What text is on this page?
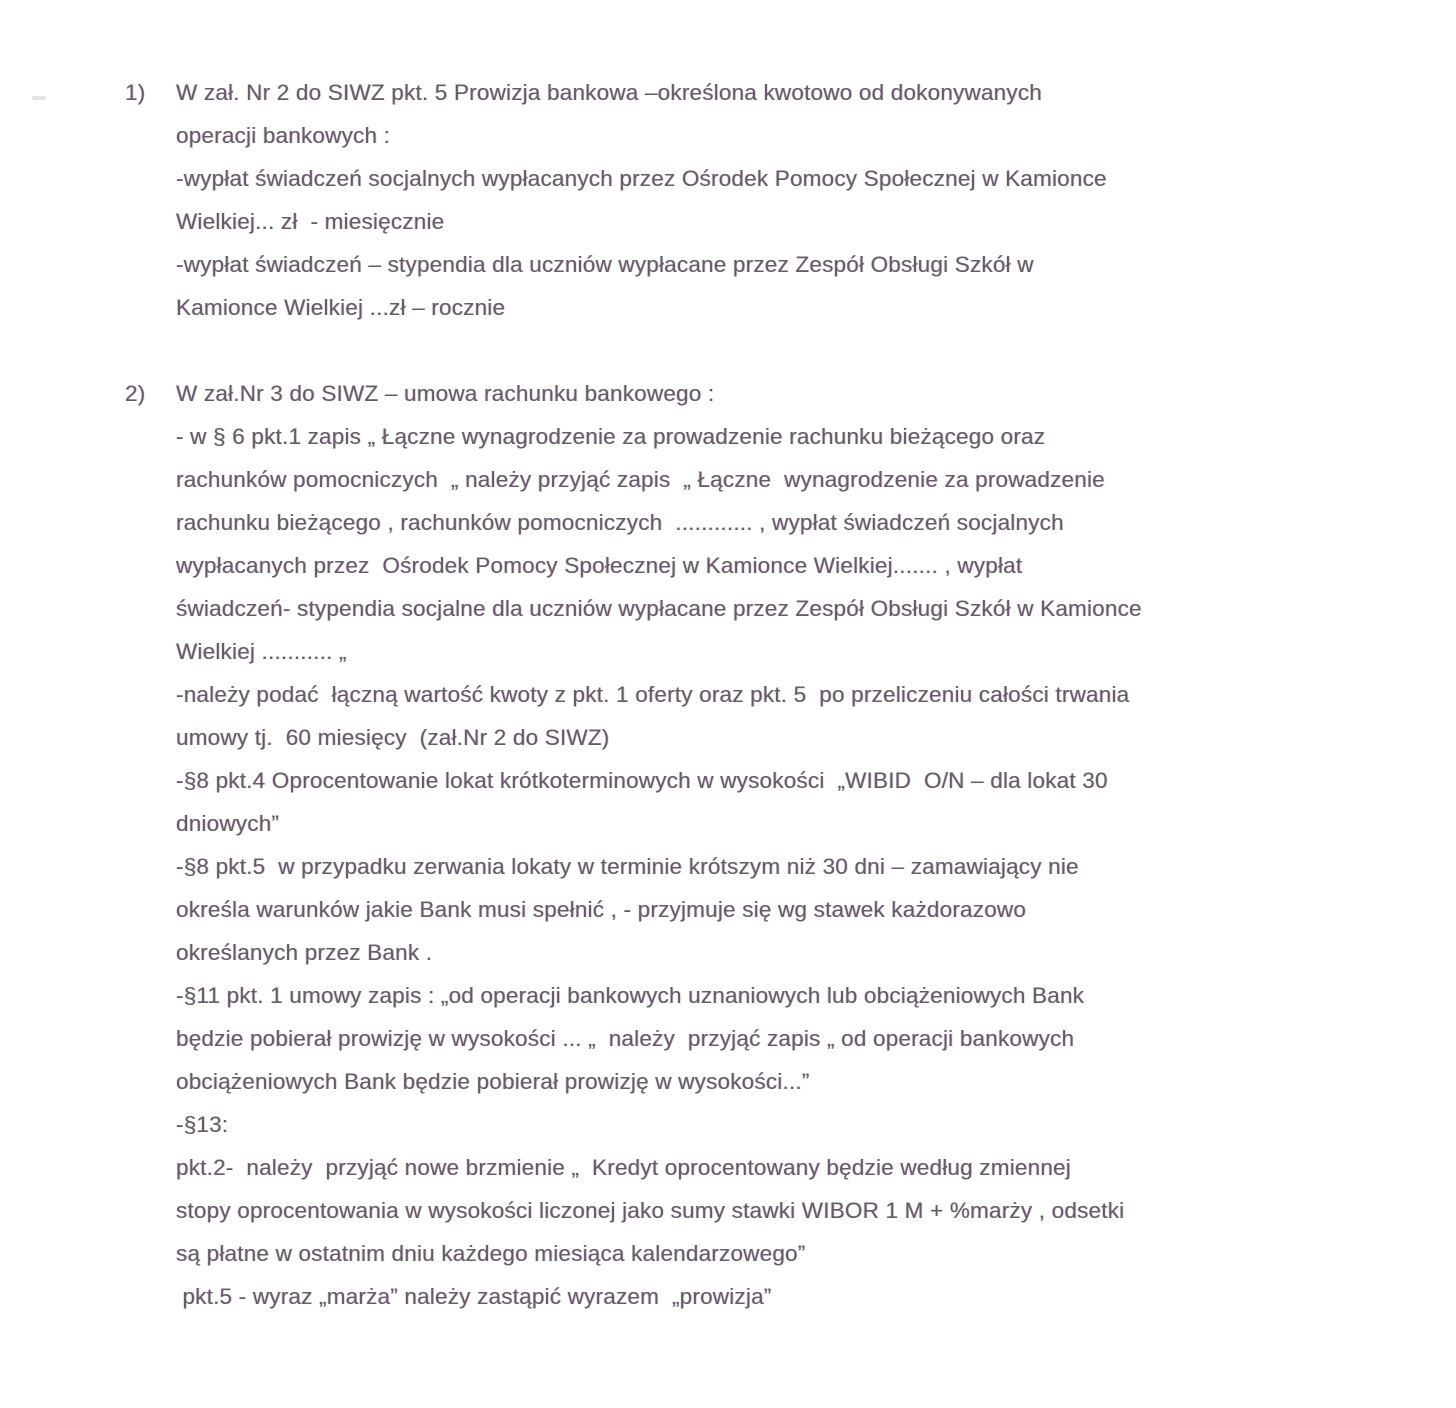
1) W zał. Nr 2 do SIWZ pkt. 5 Prowizja bankowa –określona kwotowo od dokonywanych
operacji bankowych :
-wypłat świadczeń socjalnych wypłacanych przez Ośrodek Pomocy Społecznej w Kamionce
Wielkiej... zł  - miesięcznie
-wypłat świadczeń – stypendia dla uczniów wypłacane przez Zespół Obsługi Szkół w
Kamionce Wielkiej ...zł – rocznie
2) W zał.Nr 3 do SIWZ – umowa rachunku bankowego :
- w § 6 pkt.1 zapis „ Łączne wynagrodzenie za prowadzenie rachunku bieżącego oraz
rachunków pomocniczych  „ należy przyjąć zapis  „ Łączne  wynagrodzenie za prowadzenie
rachunku bieżącego , rachunków pomocniczych  ............ , wypłat świadczeń socjalnych
wypłacanych przez  Ośrodek Pomocy Społecznej w Kamionce Wielkiej....... , wypłat
świadczeń- stypendia socjalne dla uczniów wypłacane przez Zespół Obsługi Szkół w Kamionce
Wielkiej ........... „
-należy podać  łączną wartość kwoty z pkt. 1 oferty oraz pkt. 5  po przeliczeniu całości trwania
umowy tj.  60 miesięcy  (zał.Nr 2 do SIWZ)
-§8 pkt.4 Oprocentowanie lokat krótkoterminowych w wysokości  „WIBID  O/N – dla lokat 30
dniowych”
-§8 pkt.5  w przypadku zerwania lokaty w terminie krótszym niż 30 dni – zamawiający nie
określa warunków jakie Bank musi spełnić , - przyjmuje się wg stawek każdorazowo
określanych przez Bank .
-§11 pkt. 1 umowy zapis : „od operacji bankowych uznaniowych lub obciążeniowych Bank
będzie pobierał prowizję w wysokości ... „  należy  przyjąć zapis „ od operacji bankowych
obciążeniowych Bank będzie pobierał prowizję w wysokości...”
-§13:
pkt.2-  należy  przyjąć nowe brzmienie „  Kredyt oprocentowany będzie według zmiennej
stopy oprocentowania w wysokości liczonej jako sumy stawki WIBOR 1 M + %marży , odsetki
są płatne w ostatnim dniu każdego miesiąca kalendarzowego”
pkt.5 - wyraz „marża” należy zastąpić wyrazem  „prowizja”
